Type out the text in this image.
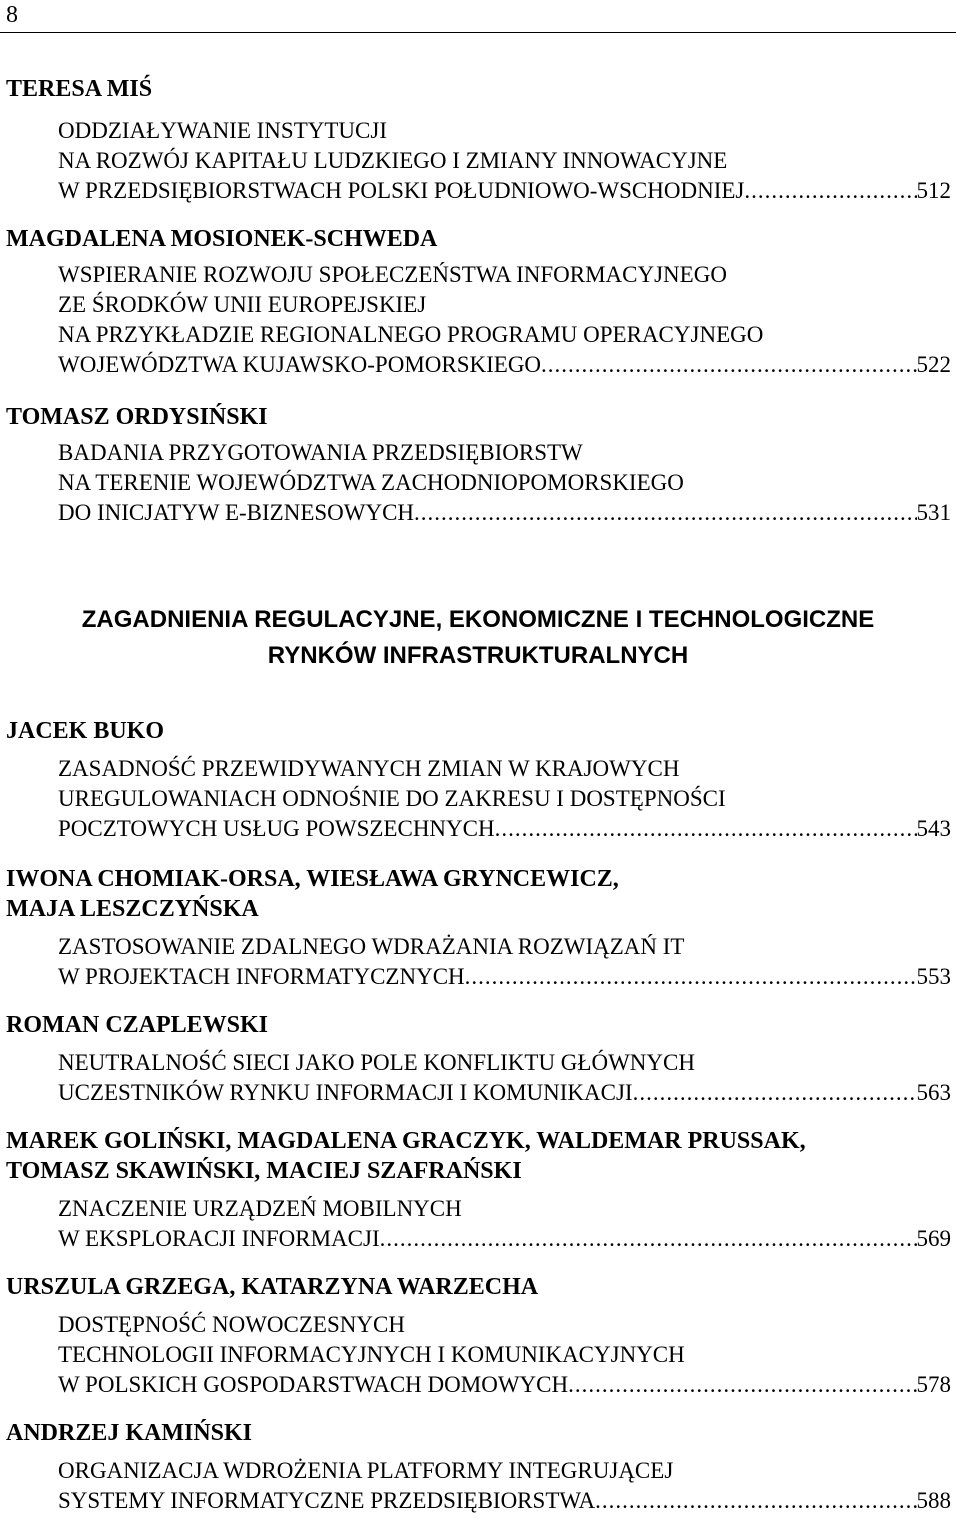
8
TERESA MIŚ
ODDZIAŁYWANIE INSTYTUCJI
NA ROZWÓJ KAPITAŁU LUDZKIEGO I ZMIANY INNOWACYJNE
W PRZEDSIĘBIORSTWACH POLSKI POŁUDNIOWO-WSCHODNIEJ .....	512
MAGDALENA MOSIONEK-SCHWEDA
WSPIERANIE ROZWOJU SPOŁECZEŃSTWA INFORMACYJNEGO
ZE ŚRODKÓW UNII EUROPEJSKIEJ
NA PRZYKŁADZIE REGIONALNEGO PROGRAMU OPERACYJNEGO
WOJEWÓDZTWA KUJAWSKO-POMORSKIEGO .....	522
TOMASZ ORDYSIŃSKI
BADANIA PRZYGOTOWANIA PRZEDSIĘBIORSTW
NA TERENIE WOJEWÓDZTWA ZACHODNIOPOMORSKIEGO
DO INICJATYW E-BIZNESOWYCH .....	531
ZAGADNIENIA REGULACYJNE, EKONOMICZNE I TECHNOLOGICZNE
RYNKÓW INFRASTRUKTURALNYCH
JACEK BUKO
ZASADNOŚĆ PRZEWIDYWANYCH ZMIAN W KRAJOWYCH
UREGULOWANIACH ODNOŚNIE DO ZAKRESU I DOSTĘPNOŚCI
POCZTOWYCH USŁUG POWSZECHNYCH .....	543
IWONA CHOMIAK-ORSA, WIESŁAWA GRYNCEWICZ,
MAJA LESZCZYŃSKA
ZASTOSOWANIE ZDALNEGO WDRAŻANIA ROZWIĄZAŃ IT
W PROJEKTACH INFORMATYCZNYCH .....	553
ROMAN CZAPLEWSKI
NEUTRALNOŚĆ SIECI JAKO POLE KONFLIKTU GŁÓWNYCH
UCZESTNIKÓW RYNKU INFORMACJI I KOMUNIKACJI .....	563
MAREK GOLIŃSKI, MAGDALENA GRACZYK, WALDEMAR PRUSSAK,
TOMASZ SKAWIŃSKI, MACIEJ SZAFRAŃSKI
ZNACZENIE URZĄDZEŃ MOBILNYCH
W EKSPLORACJI INFORMACJI .....	569
URSZULA GRZEGA, KATARZYNA WARZECHA
DOSTĘPNOŚĆ NOWOCZESNYCH
TECHNOLOGII INFORMACYJNYCH I KOMUNIKACYJNYCH
W POLSKICH GOSPODARSTWACH DOMOWYCH .....	578
ANDRZEJ KAMIŃSKI
ORGANIZACJA WDROŻENIA PLATFORMY INTEGRUJĄCEJ
SYSTEMY INFORMATYCZNE PRZEDSIĘBIORSTWA .....	588
